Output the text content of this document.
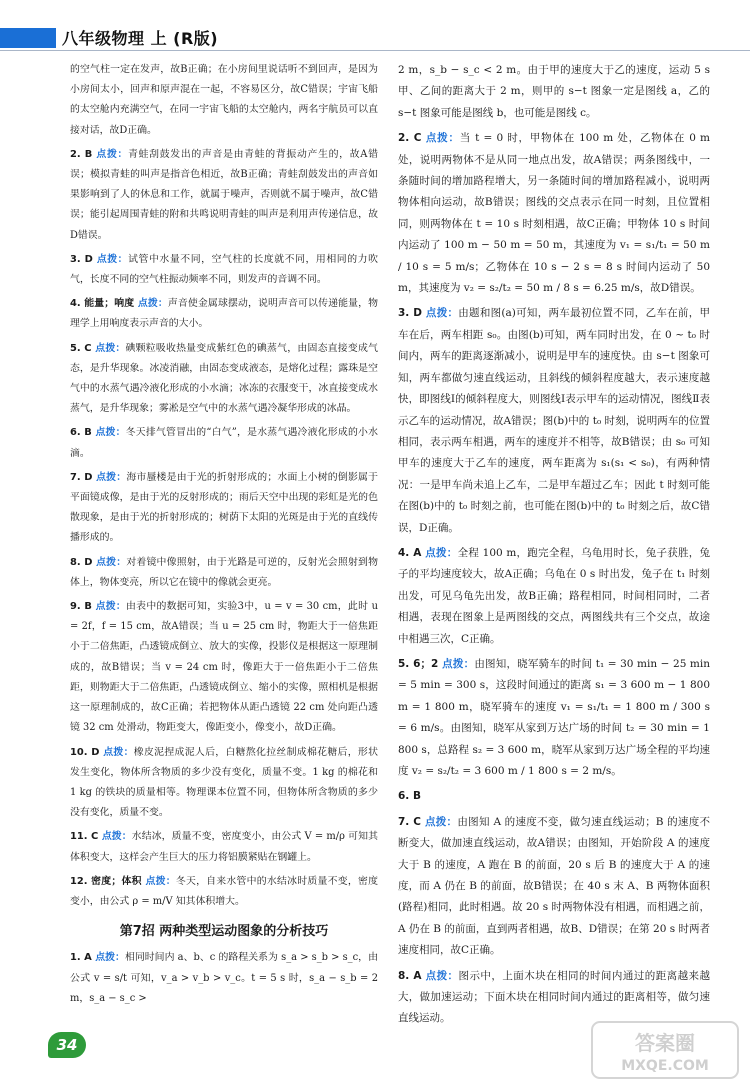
八年级物理 上 (R版)
的空气柱一定在发声，故B正确；在小房间里说话听不到回声，是因为小房间太小，回声和原声混在一起，不容易区分，故C错误；宇宙飞船的太空舱内充满空气，在同一宇宙飞船的太空舱内，两名宇航员可以直接对话，故D正确。
2. B 点拨：青蛙刮鼓发出的声音是由青蛙的背振动产生的，故A错误；模拟青蛙的叫声是指音色相近，故B正确；青蛙刮鼓发出的声音如果影响到了人的休息和工作，就属于噪声，否则就不属于噪声，故C错误；能引起周围青蛙的附和共鸣说明青蛙的叫声是利用声传递信息，故D错误。
3. D 点拨：试管中水量不同，空气柱的长度就不同，用相同的力吹气，长度不同的空气柱振动频率不同，则发声的音调不同。
4. 能量；响度 点拨：声音使金属球摆动，说明声音可以传递能量，物理学上用响度表示声音的大小。
5. C 点拨：碘颗粒吸收热量变成紫红色的碘蒸气，由固态直接变成气态，是升华现象。冰凌消融，由固态变成液态，是熔化过程；露珠是空气中的水蒸气遇冷液化形成的小水滴；冰冻的衣服变干，冰直接变成水蒸气，是升华现象；雾凇是空气中的水蒸气遇冷凝华形成的冰晶。
6. B 点拨：冬天排气管冒出的“白气”，是水蒸气遇冷液化形成的小水滴。
7. D 点拨：海市蜃楼是由于光的折射形成的；水面上小树的倒影属于平面镜成像，是由于光的反射形成的；雨后天空中出现的彩虹是光的色散现象，是由于光的折射形成的；树荫下太阳的光斑是由于光的直线传播形成的。
8. D 点拨：对着镜中像照射，由于光路是可逆的，反射光会照射到物体上，物体变亮，所以它在镜中的像就会更亮。
9. B 点拨：由表中的数据可知，实验3中，u = v = 30 cm，此时 u = 2f，f = 15 cm，故A错误；当 u = 25 cm 时，物距大于一倍焦距小于二倍焦距，凸透镜成倒立、放大的实像，投影仪是根据这一原理制成的，故B错误；当 v = 24 cm 时，像距大于一倍焦距小于二倍焦距，则物距大于二倍焦距，凸透镜成倒立、缩小的实像，照相机是根据这一原理制成的，故C正确；若把物体从距凸透镜 22 cm 处向距凸透镜 32 cm 处滑动，物距变大，像距变小，像变小，故D正确。
10. D 点拨：橡皮泥捏成泥人后，白糖熬化拉丝制成棉花糖后，形状发生变化，物体所含物质的多少没有变化，质量不变。1 kg 的棉花和 1 kg 的铁块的质量相等。物理课本位置不同，但物体所含物质的多少没有变化，质量不变。
11. C 点拨：水结冰，质量不变，密度变小，由公式 V = m/ρ 可知其体积变大，这样会产生巨大的压力将铝膜紧贴在钢罐上。
12. 密度；体积 点拨：冬天，自来水管中的水结冰时质量不变，密度变小，由公式 ρ = m/V 知其体积增大。
第7招 两种类型运动图象的分析技巧
1. A 点拨：相同时间内 a、b、c 的路程关系为 s_a > s_b > s_c，由公式 v = s/t 可知，v_a > v_b > v_c。t = 5 s 时，s_a − s_b = 2 m，s_a − s_c >
2 m，s_b − s_c < 2 m。由于甲的速度大于乙的速度，运动 5 s 甲、乙间的距离大于 2 m，则甲的 s−t 图象一定是图线 a，乙的 s−t 图象可能是图线 b，也可能是图线 c。
2. C 点拨：当 t = 0 时，甲物体在 100 m 处，乙物体在 0 m 处，说明两物体不是从同一地点出发，故A错误；两条图线中，一条随时间的增加路程增大，另一条随时间的增加路程减小，说明两物体相向运动，故B错误；图线的交点表示在同一时刻，且位置相同，则两物体在 t = 10 s 时刻相遇，故C正确；甲物体 10 s 时间内运动了 100 m − 50 m = 50 m，其速度为 v₁ = s₁/t₁ = 50 m / 10 s = 5 m/s；乙物体在 10 s − 2 s = 8 s 时间内运动了 50 m，其速度为 v₂ = s₂/t₂ = 50 m / 8 s = 6.25 m/s，故D错误。
3. D 点拨：由题和图(a)可知，两车最初位置不同，乙车在前，甲车在后，两车相距 s₀。由图(b)可知，两车同时出发，在 0 ~ t₀ 时间内，两车的距离逐渐减小，说明是甲车的速度快。由 s−t 图象可知，两车都做匀速直线运动，且斜线的倾斜程度越大，表示速度越快，即图线Ⅰ的倾斜程度大，则图线Ⅰ表示甲车的运动情况，图线Ⅱ表示乙车的运动情况，故A错误；图(b)中的 t₀ 时刻，说明两车的位置相同，表示两车相遇，两车的速度并不相等，故B错误；由 s₀ 可知甲车的速度大于乙车的速度，两车距离为 s₁(s₁ < s₀)，有两种情况：一是甲车尚未追上乙车，二是甲车超过乙车；因此 t 时刻可能在图(b)中的 t₀ 时刻之前，也可能在图(b)中的 t₀ 时刻之后，故C错误，D正确。
4. A 点拨：全程 100 m，跑完全程，乌龟用时长，兔子获胜，兔子的平均速度较大，故A正确；乌龟在 0 s 时出发，兔子在 t₁ 时刻出发，可见乌龟先出发，故B正确；路程相同，时间相同时，二者相遇，表现在图象上是两图线的交点，两图线共有三个交点，故途中相遇三次，C正确。
5. 6；2 点拨：由图知，晓军骑车的时间 t₁ = 30 min − 25 min = 5 min = 300 s，这段时间通过的距离 s₁ = 3 600 m − 1 800 m = 1 800 m，晓军骑车的速度 v₁ = s₁/t₁ = 1 800 m / 300 s = 6 m/s。由图知，晓军从家到万达广场的时间 t₂ = 30 min = 1 800 s，总路程 s₂ = 3 600 m，晓军从家到万达广场全程的平均速度 v₂ = s₂/t₂ = 3 600 m / 1 800 s = 2 m/s。
6. B
7. C 点拨：由图知 A 的速度不变，做匀速直线运动；B 的速度不断变大，做加速直线运动，故A错误；由图知，开始阶段 A 的速度大于 B 的速度，A 跑在 B 的前面，20 s 后 B 的速度大于 A 的速度，而 A 仍在 B 的前面，故B错误；在 40 s 末 A、B 两物体面积(路程)相同，此时相遇。故 20 s 时两物体没有相遇，而相遇之前，A 仍在 B 的前面，直到两者相遇，故B、D错误；在第 20 s 时两者速度相同，故C正确。
8. A 点拨：图示中，上面木块在相同的时间内通过的距离越来越大，做加速运动；下面木块在相同时间内通过的距离相等，做匀速直线运动。
34	答案圈
MXQE.COM
